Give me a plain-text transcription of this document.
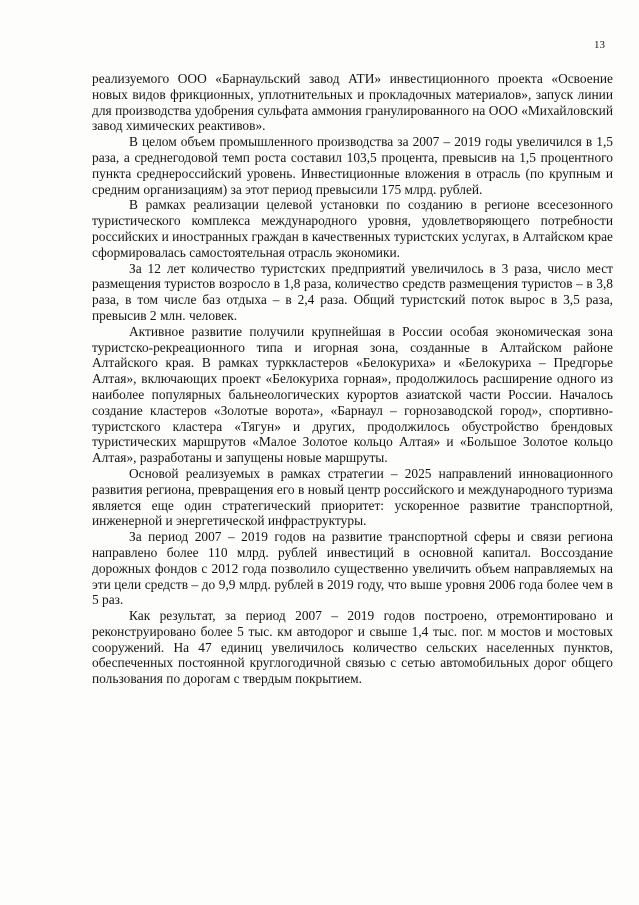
13

реализуемого ООО «Барнаульский завод АТИ» инвестиционного проекта «Освоение новых видов фрикционных, уплотнительных и прокладочных материалов», запуск линии для производства удобрения сульфата аммония гранулированного на ООО «Михайловский завод химических реактивов».

В целом объем промышленного производства за 2007 – 2019 годы увеличился в 1,5 раза, а среднегодовой темп роста составил 103,5 процента, превысив на 1,5 процентного пункта среднероссийский уровень. Инвестиционные вложения в отрасль (по крупным и средним организациям) за этот период превысили 175 млрд. рублей.

В рамках реализации целевой установки по созданию в регионе всесезонного туристического комплекса международного уровня, удовлетворяющего потребности российских и иностранных граждан в качественных туристских услугах, в Алтайском крае сформировалась самостоятельная отрасль экономики.

За 12 лет количество туристских предприятий увеличилось в 3 раза, число мест размещения туристов возросло в 1,8 раза, количество средств размещения туристов – в 3,8 раза, в том числе баз отдыха – в 2,4 раза. Общий туристский поток вырос в 3,5 раза, превысив 2 млн. человек.

Активное развитие получили крупнейшая в России особая экономическая зона туристско-рекреационного типа и игорная зона, созданные в Алтайском районе Алтайского края. В рамках турккластеров «Белокуриха» и «Белокуриха – Предгорье Алтая», включающих проект «Белокуриха горная», продолжилось расширение одного из наиболее популярных бальнеологических курортов азиатской части России. Началось создание кластеров «Золотые ворота», «Барнаул – горнозаводской город», спортивно-туристского кластера «Тягун» и других, продолжилось обустройство брендовых туристических маршрутов «Малое Золотое кольцо Алтая» и «Большое Золотое кольцо Алтая», разработаны и запущены новые маршруты.

Основой реализуемых в рамках стратегии – 2025 направлений инновационного развития региона, превращения его в новый центр российского и международного туризма является еще один стратегический приоритет: ускоренное развитие транспортной, инженерной и энергетической инфраструктуры.

За период 2007 – 2019 годов на развитие транспортной сферы и связи региона направлено более 110 млрд. рублей инвестиций в основной капитал. Воссоздание дорожных фондов с 2012 года позволило существенно увеличить объем направляемых на эти цели средств – до 9,9 млрд. рублей в 2019 году, что выше уровня 2006 года более чем в 5 раз.

Как результат, за период 2007 – 2019 годов построено, отремонтировано и реконструировано более 5 тыс. км автодорог и свыше 1,4 тыс. пог. м мостов и мостовых сооружений. На 47 единиц увеличилось количество сельских населенных пунктов, обеспеченных постоянной круглогодичной связью с сетью автомобильных дорог общего пользования по дорогам с твердым покрытием.
